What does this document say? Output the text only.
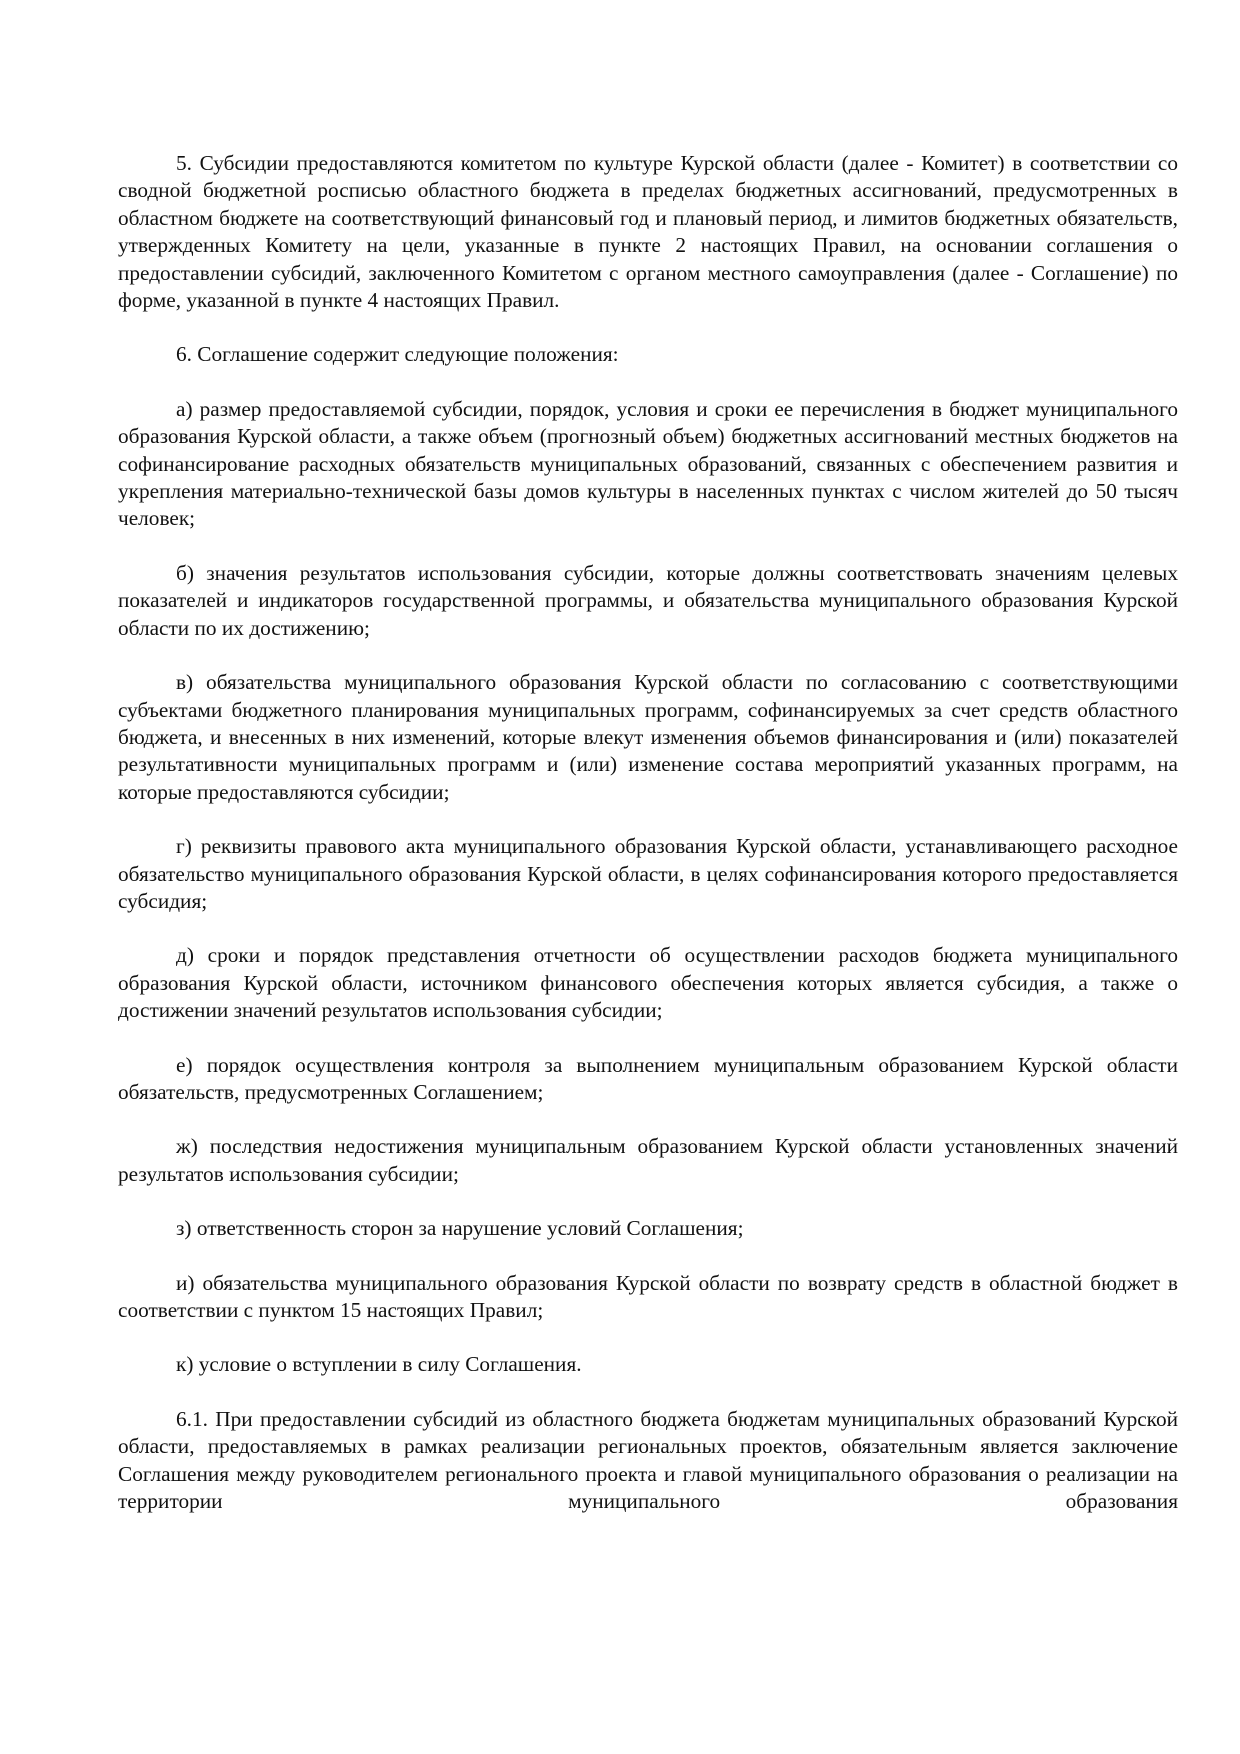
5. Субсидии предоставляются комитетом по культуре Курской области (далее - Комитет) в соответствии со сводной бюджетной росписью областного бюджета в пределах бюджетных ассигнований, предусмотренных в областном бюджете на соответствующий финансовый год и плановый период, и лимитов бюджетных обязательств, утвержденных Комитету на цели, указанные в пункте 2 настоящих Правил, на основании соглашения о предоставлении субсидий, заключенного Комитетом с органом местного самоуправления (далее - Соглашение) по форме, указанной в пункте 4 настоящих Правил.

6. Соглашение содержит следующие положения:

а) размер предоставляемой субсидии, порядок, условия и сроки ее перечисления в бюджет муниципального образования Курской области, а также объем (прогнозный объем) бюджетных ассигнований местных бюджетов на софинансирование расходных обязательств муниципальных образований, связанных с обеспечением развития и укрепления материально-технической базы домов культуры в населенных пунктах с числом жителей до 50 тысяч человек;

б) значения результатов использования субсидии, которые должны соответствовать значениям целевых показателей и индикаторов государственной программы, и обязательства муниципального образования Курской области по их достижению;

в) обязательства муниципального образования Курской области по согласованию с соответствующими субъектами бюджетного планирования муниципальных программ, софинансируемых за счет средств областного бюджета, и внесенных в них изменений, которые влекут изменения объемов финансирования и (или) показателей результативности муниципальных программ и (или) изменение состава мероприятий указанных программ, на которые предоставляются субсидии;

г) реквизиты правового акта муниципального образования Курской области, устанавливающего расходное обязательство муниципального образования Курской области, в целях софинансирования которого предоставляется субсидия;

д) сроки и порядок представления отчетности об осуществлении расходов бюджета муниципального образования Курской области, источником финансового обеспечения которых является субсидия, а также о достижении значений результатов использования субсидии;

е) порядок осуществления контроля за выполнением муниципальным образованием Курской области обязательств, предусмотренных Соглашением;

ж) последствия недостижения муниципальным образованием Курской области установленных значений результатов использования субсидии;

з) ответственность сторон за нарушение условий Соглашения;

и) обязательства муниципального образования Курской области по возврату средств в областной бюджет в соответствии с пунктом 15 настоящих Правил;

к) условие о вступлении в силу Соглашения.

6.1. При предоставлении субсидий из областного бюджета бюджетам муниципальных образований Курской области, предоставляемых в рамках реализации региональных проектов, обязательным является заключение Соглашения между руководителем регионального проекта и главой муниципального образования о реализации на территории муниципального образования
